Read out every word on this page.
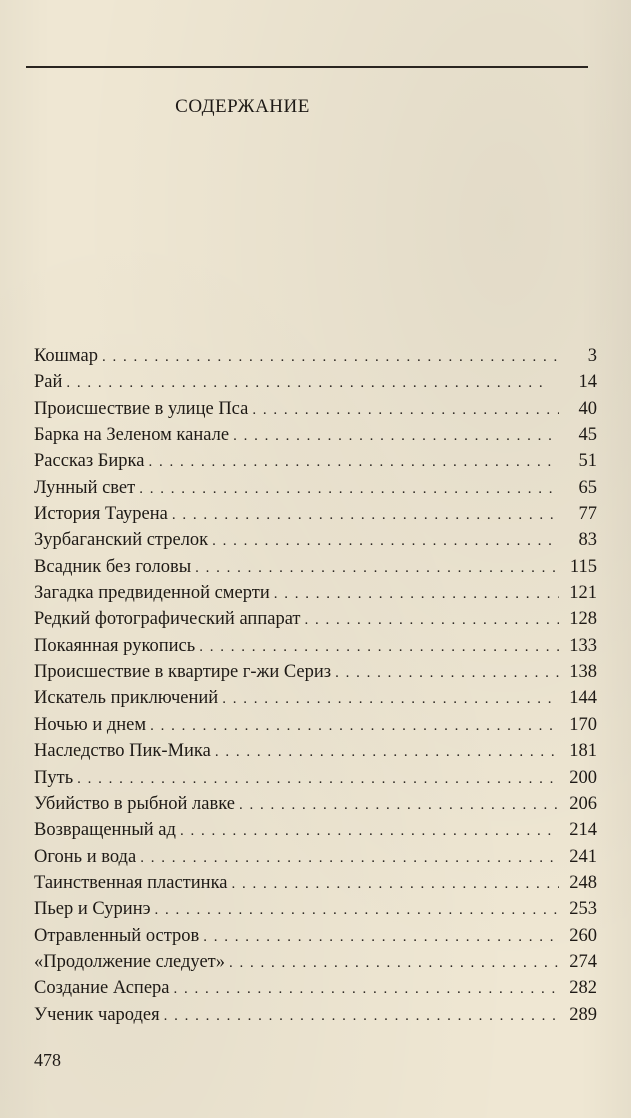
СОДЕРЖАНИЕ
Кошмар . . .	3
Рай . . .	14
Происшествие в улице Пса . . .	40
Барка на Зеленом канале . . .	45
Рассказ Бирка . . .	51
Лунный свет . . .	65
История Таурена . . .	77
Зурбаганский стрелок . . .	83
Всадник без головы . . .	115
Загадка предвиденной смерти . . .	121
Редкий фотографический аппарат . . .	128
Покаянная рукопись . . .	133
Происшествие в квартире г-жи Сериз . . .	138
Искатель приключений . . .	144
Ночью и днем . . .	170
Наследство Пик-Мика . . .	181
Путь . . .	200
Убийство в рыбной лавке . . .	206
Возвращенный ад . . .	214
Огонь и вода . . .	241
Таинственная пластинка . . .	248
Пьер и Суринэ . . .	253
Отравленный остров . . .	260
«Продолжение следует» . . .	274
Создание Аспера . . .	282
Ученик чародея . . .	289
478
